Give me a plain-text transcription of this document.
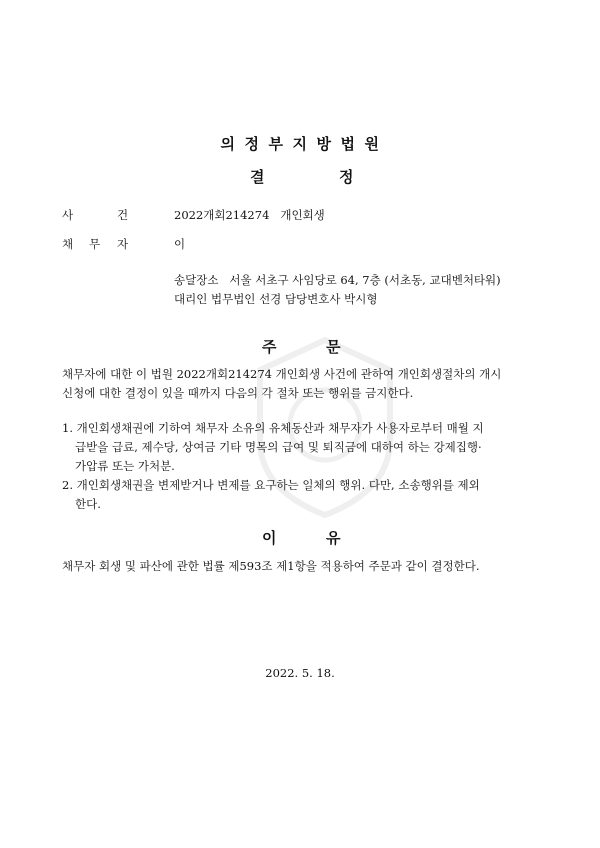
의 정 부 지 방 법 원
결	정
사	건	2022개회214274   개인회생
채 무 자	이
송달장소   서울 서초구 사임당로 64, 7층 (서초동, 교대벤처타워)
대리인 법무법인 선경 담당변호사 박시형
주	문
채무자에 대한 이 법원 2022개회214274 개인회생 사건에 관하여 개인회생절차의 개시
신청에 대한 결정이 있을 때까지 다음의 각 절차 또는 행위를 금지한다.
1. 개인회생채권에 기하여 채무자 소유의 유체동산과 채무자가 사용자로부터 매월 지
급받을 급료, 제수당, 상여금 기타 명목의 급여 및 퇴직금에 대하여 하는 강제집행·
가압류 또는 가처분.
2. 개인회생채권을 변제받거나 변제를 요구하는 일체의 행위. 다만, 소송행위를 제외
한다.
이	유
채무자 회생 및 파산에 관한 법률 제593조 제1항을 적용하여 주문과 같이 결정한다.
2022. 5. 18.
